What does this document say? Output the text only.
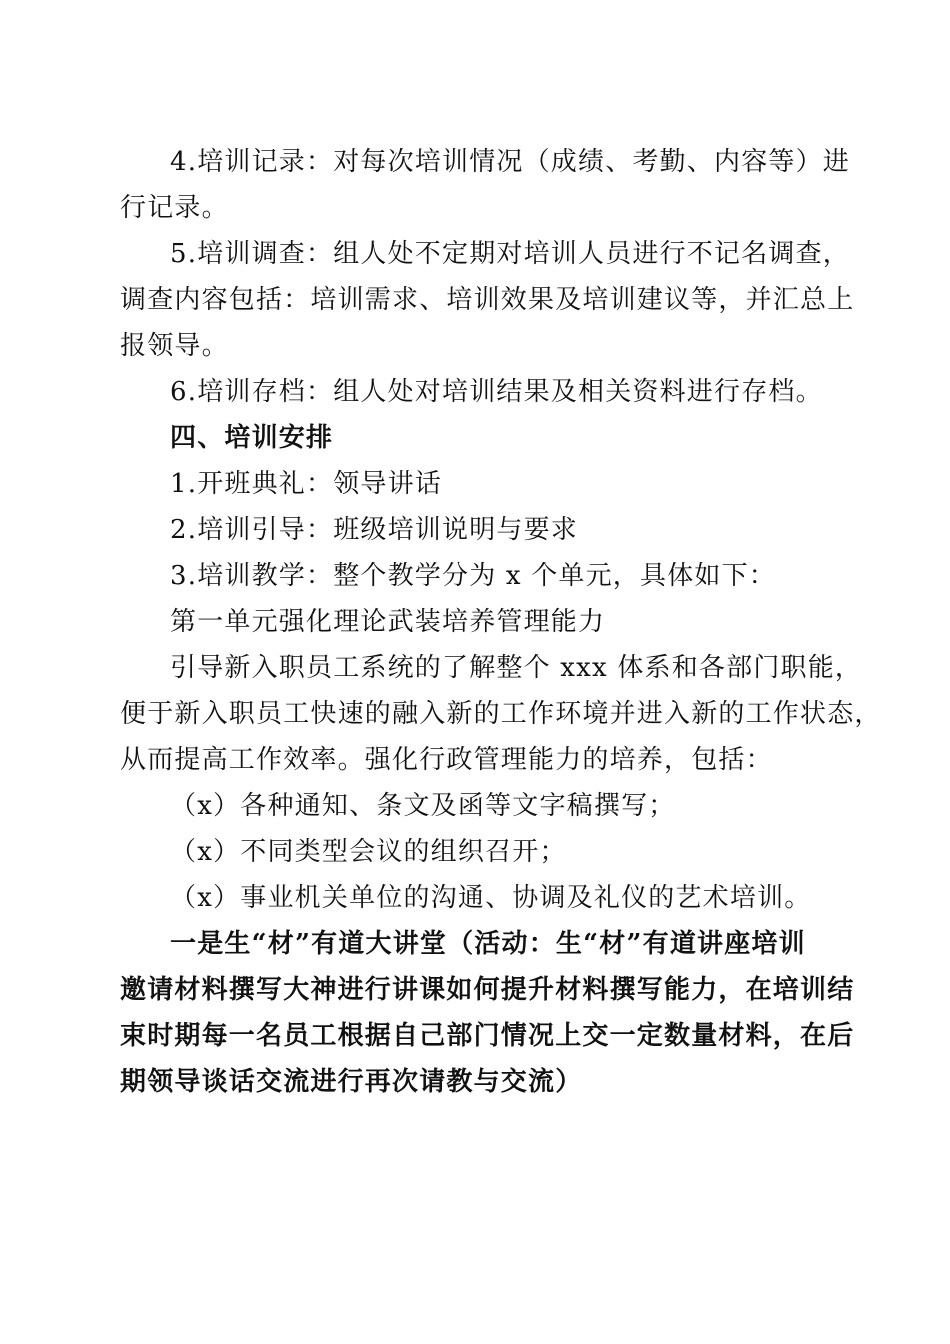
4.培训记录：对每次培训情况（成绩、考勤、内容等）进
行记录。
5.培训调查：组人处不定期对培训人员进行不记名调查，
调查内容包括：培训需求、培训效果及培训建议等，并汇总上
报领导。
6.培训存档：组人处对培训结果及相关资料进行存档。
四、培训安排
1.开班典礼：领导讲话
2.培训引导：班级培训说明与要求
3.培训教学：整个教学分为 x 个单元，具体如下：
第一单元强化理论武装培养管理能力
引导新入职员工系统的了解整个 xxx 体系和各部门职能，
便于新入职员工快速的融入新的工作环境并进入新的工作状态，
从而提高工作效率。强化行政管理能力的培养，包括：
（x）各种通知、条文及函等文字稿撰写；
（x）不同类型会议的组织召开；
（x）事业机关单位的沟通、协调及礼仪的艺术培训。
一是生“材”有道大讲堂（活动：生“材”有道讲座培训
邀请材料撰写大神进行讲课如何提升材料撰写能力，在培训结
束时期每一名员工根据自己部门情况上交一定数量材料，在后
期领导谈话交流进行再次请教与交流）
